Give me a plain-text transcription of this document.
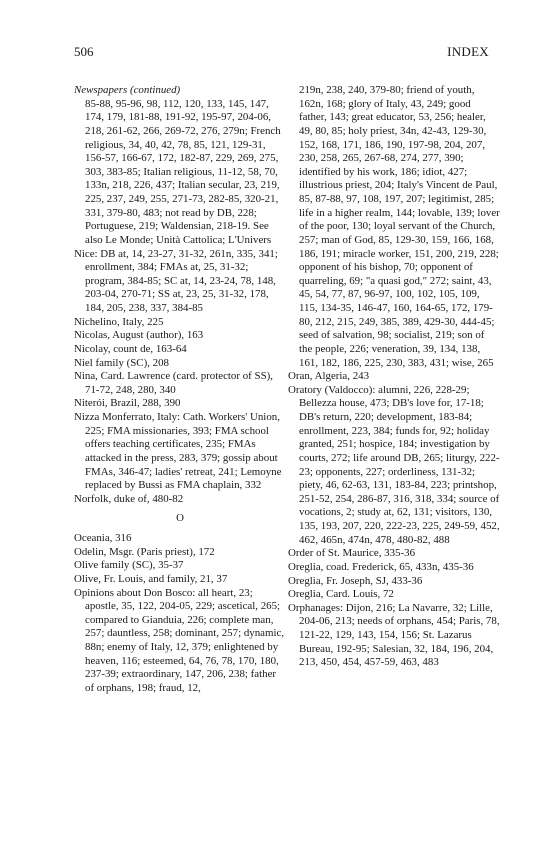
506	INDEX
Newspapers (continued)
85-88, 95-96, 98, 112, 120, 133, 145, 147, 174, 179, 181-88, 191-92, 195-97, 204-06, 218, 261-62, 266, 269-72, 276, 279n; French religious, 34, 40, 42, 78, 85, 121, 129-31, 156-57, 166-67, 172, 182-87, 229, 269, 275, 303, 383-85; Italian religious, 11-12, 58, 70, 133n, 218, 226, 437; Italian secular, 23, 219, 225, 237, 249, 255, 271-73, 282-85, 320-21, 331, 379-80, 483; not read by DB, 228; Portuguese, 219; Waldensian, 218-19. See also Le Monde; Unità Cattolica; L'Univers
Nice: DB at, 14, 23-27, 31-32, 261n, 335, 341; enrollment, 384; FMAs at, 25, 31-32; program, 384-85; SC at, 14, 23-24, 78, 148, 203-04, 270-71; SS at, 23, 25, 31-32, 178, 184, 205, 238, 337, 384-85
Nichelino, Italy, 225
Nicolas, August (author), 163
Nicolay, count de, 163-64
Niel family (SC), 208
Nina, Card. Lawrence (card. protector of SS), 71-72, 248, 280, 340
Niterói, Brazil, 288, 390
Nizza Monferrato, Italy: Cath. Workers' Union, 225; FMA missionaries, 393; FMA school offers teaching certificates, 235; FMAs attacked in the press, 283, 379; gossip about FMAs, 346-47; ladies' retreat, 241; Lemoyne replaced by Bussi as FMA chaplain, 332
Norfolk, duke of, 480-82
O
Oceania, 316
Odelin, Msgr. (Paris priest), 172
Olive family (SC), 35-37
Olive, Fr. Louis, and family, 21, 37
Opinions about Don Bosco: all heart, 23; apostle, 35, 122, 204-05, 229; ascetical, 265; compared to Gianduia, 226; complete man, 257; dauntless, 258; dominant, 257; dynamic, 88n; enemy of Italy, 12, 379; enlightened by heaven, 116; esteemed, 64, 76, 78, 170, 180, 237-39; extraordinary, 147, 206, 238; father of orphans, 198; fraud, 12,
219n, 238, 240, 379-80; friend of youth, 162n, 168; glory of Italy, 43, 249; good father, 143; great educator, 53, 256; healer, 49, 80, 85; holy priest, 34n, 42-43, 129-30, 152, 168, 171, 186, 190, 197-98, 204, 207, 230, 258, 265, 267-68, 274, 277, 390; identified by his work, 186; idiot, 427; illustrious priest, 204; Italy's Vincent de Paul, 85, 87-88, 97, 108, 197, 207; legitimist, 285; life in a higher realm, 144; lovable, 139; lover of the poor, 130; loyal servant of the Church, 257; man of God, 85, 129-30, 159, 166, 168, 186, 191; miracle worker, 151, 200, 219, 228; opponent of his bishop, 70; opponent of quarreling, 69; "a quasi god," 272; saint, 43, 45, 54, 77, 87, 96-97, 100, 102, 105, 109, 115, 134-35, 146-47, 160, 164-65, 172, 179-80, 212, 215, 249, 385, 389, 429-30, 444-45; seed of salvation, 98; socialist, 219; son of the people, 226; veneration, 39, 134, 138, 161, 182, 186, 225, 230, 383, 431; wise, 265
Oran, Algeria, 243
Oratory (Valdocco): alumni, 226, 228-29; Bellezza house, 473; DB's love for, 17-18; DB's return, 220; development, 183-84; enrollment, 223, 384; funds for, 92; holiday granted, 251; hospice, 184; investigation by courts, 272; life around DB, 265; liturgy, 222-23; opponents, 227; orderliness, 131-32; piety, 46, 62-63, 131, 183-84, 223; printshop, 251-52, 254, 286-87, 316, 318, 334; source of vocations, 2; study at, 62, 131; visitors, 130, 135, 193, 207, 220, 222-23, 225, 249-59, 452, 462, 465n, 474n, 478, 480-82, 488
Order of St. Maurice, 335-36
Oreglia, coad. Frederick, 65, 433n, 435-36
Oreglia, Fr. Joseph, SJ, 433-36
Oreglia, Card. Louis, 72
Orphanages: Dijon, 216; La Navarre, 32; Lille, 204-06, 213; needs of orphans, 454; Paris, 78, 121-22, 129, 143, 154, 156; St. Lazarus Bureau, 192-95; Salesian, 32, 184, 196, 204, 213, 450, 454, 457-59, 463, 483
